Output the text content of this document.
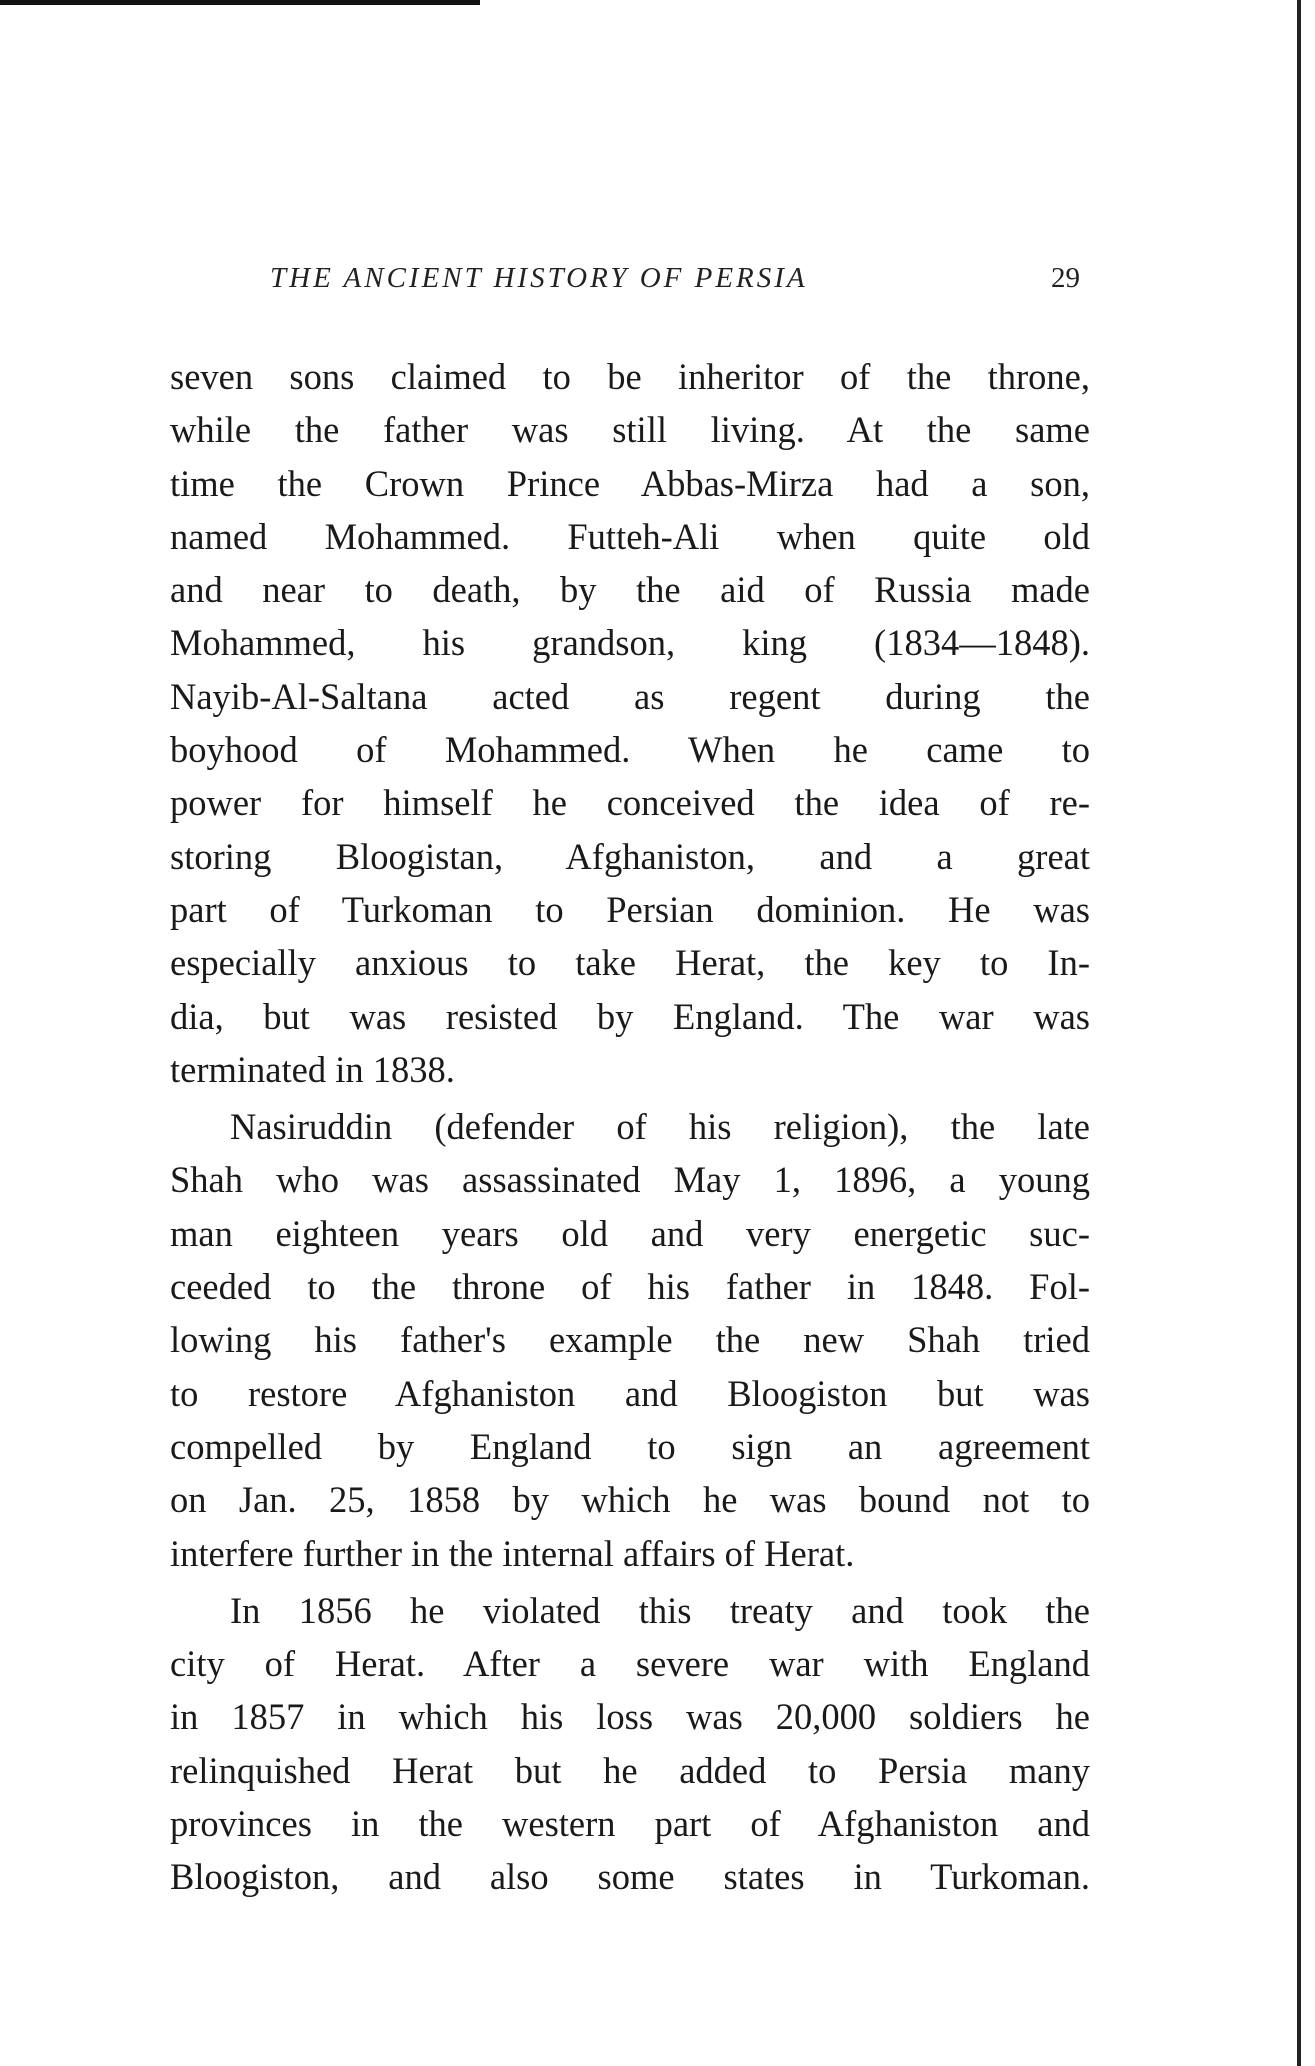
THE ANCIENT HISTORY OF PERSIA	29
seven sons claimed to be inheritor of the throne,
while the father was still living. At the same
time the Crown Prince Abbas-Mirza had a son,
named Mohammed. Futteh-Ali when quite old
and near to death, by the aid of Russia made
Mohammed, his grandson, king (1834—1848).
Nayib-Al-Saltana acted as regent during the
boyhood of Mohammed. When he came to
power for himself he conceived the idea of re-
storing Bloogistan, Afghaniston, and a great
part of Turkoman to Persian dominion. He was
especially anxious to take Herat, the key to In-
dia, but was resisted by England. The war was
terminated in 1838.
Nasiruddin (defender of his religion), the late
Shah who was assassinated May 1, 1896, a young
man eighteen years old and very energetic suc-
ceeded to the throne of his father in 1848. Fol-
lowing his father's example the new Shah tried
to restore Afghaniston and Bloogiston but was
compelled by England to sign an agreement
on Jan. 25, 1858 by which he was bound not to
interfere further in the internal affairs of Herat.
In 1856 he violated this treaty and took the
city of Herat. After a severe war with England
in 1857 in which his loss was 20,000 soldiers he
relinquished Herat but he added to Persia many
provinces in the western part of Afghaniston and
Bloogiston, and also some states in Turkoman.
